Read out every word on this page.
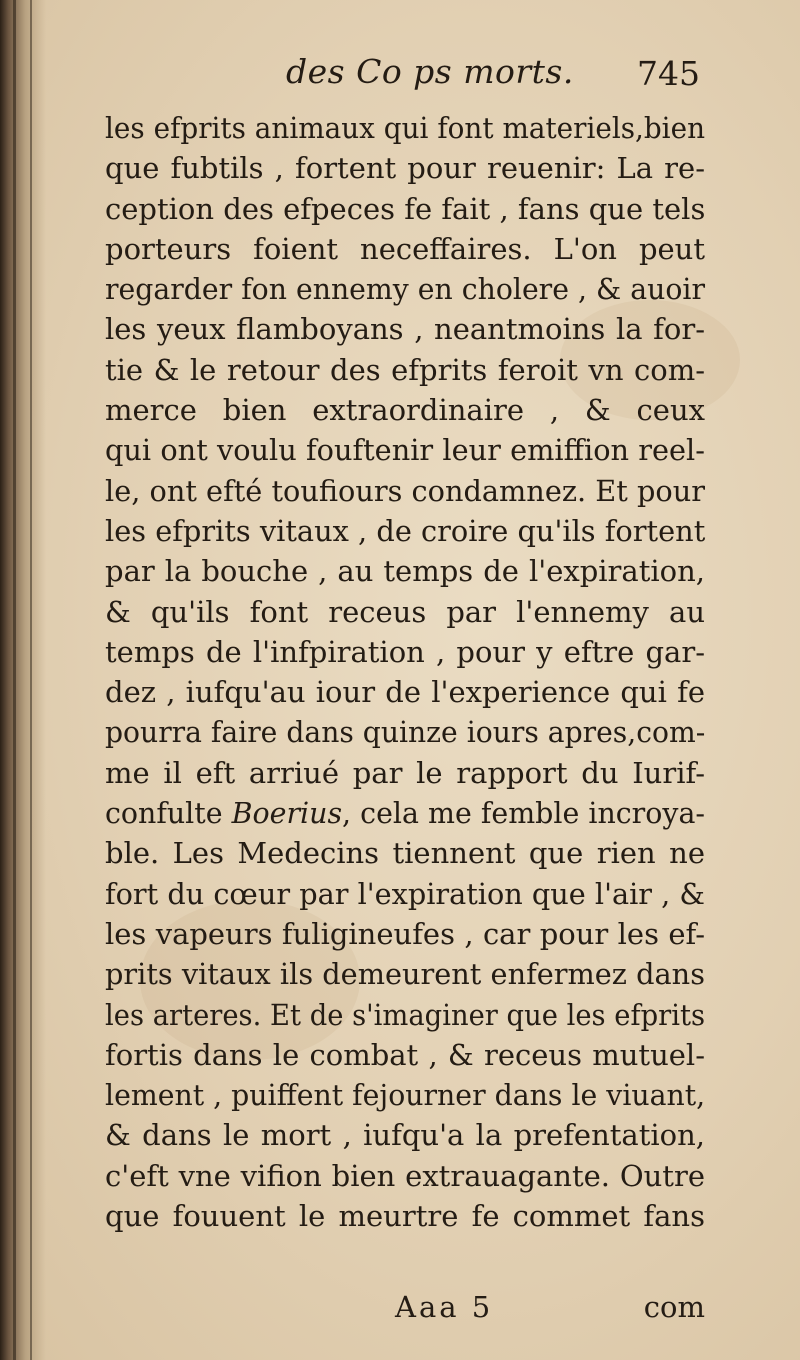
des Co ps morts. 745
les efprits animaux qui font materiels,bien
que fubtils , fortent pour reuenir: La re-
ception des efpeces fe fait , fans que tels
porteurs foient neceffaires. L'on peut
regarder fon ennemy en cholere , & auoir
les yeux flamboyans , neantmoins la for-
tie & le retour des efprits feroit vn com-
merce bien extraordinaire , & ceux
qui ont voulu fouftenir leur emiffion reel-
le, ont efté toufiours condamnez. Et pour
les efprits vitaux , de croire qu'ils fortent
par la bouche , au temps de l'expiration,
& qu'ils font receus par l'ennemy au
temps de l'infpiration , pour y eftre gar-
dez , iufqu'au iour de l'experience qui fe
pourra faire dans quinze iours apres,com-
me il eft arriué par le rapport du Iurif-
confulte Boerius, cela me femble incroya-
ble. Les Medecins tiennent que rien ne
fort du cœur par l'expiration que l'air , &
les vapeurs fuligineufes , car pour les ef-
prits vitaux ils demeurent enfermez dans
les arteres. Et de s'imaginer que les efprits
fortis dans le combat , & receus mutuel-
lement , puiffent fejourner dans le viuant,
& dans le mort , iufqu'a la prefentation,
c'eft vne vifion bien extrauagante. Outre
que fouuent le meurtre fe commet fans
Aaa 5	com
